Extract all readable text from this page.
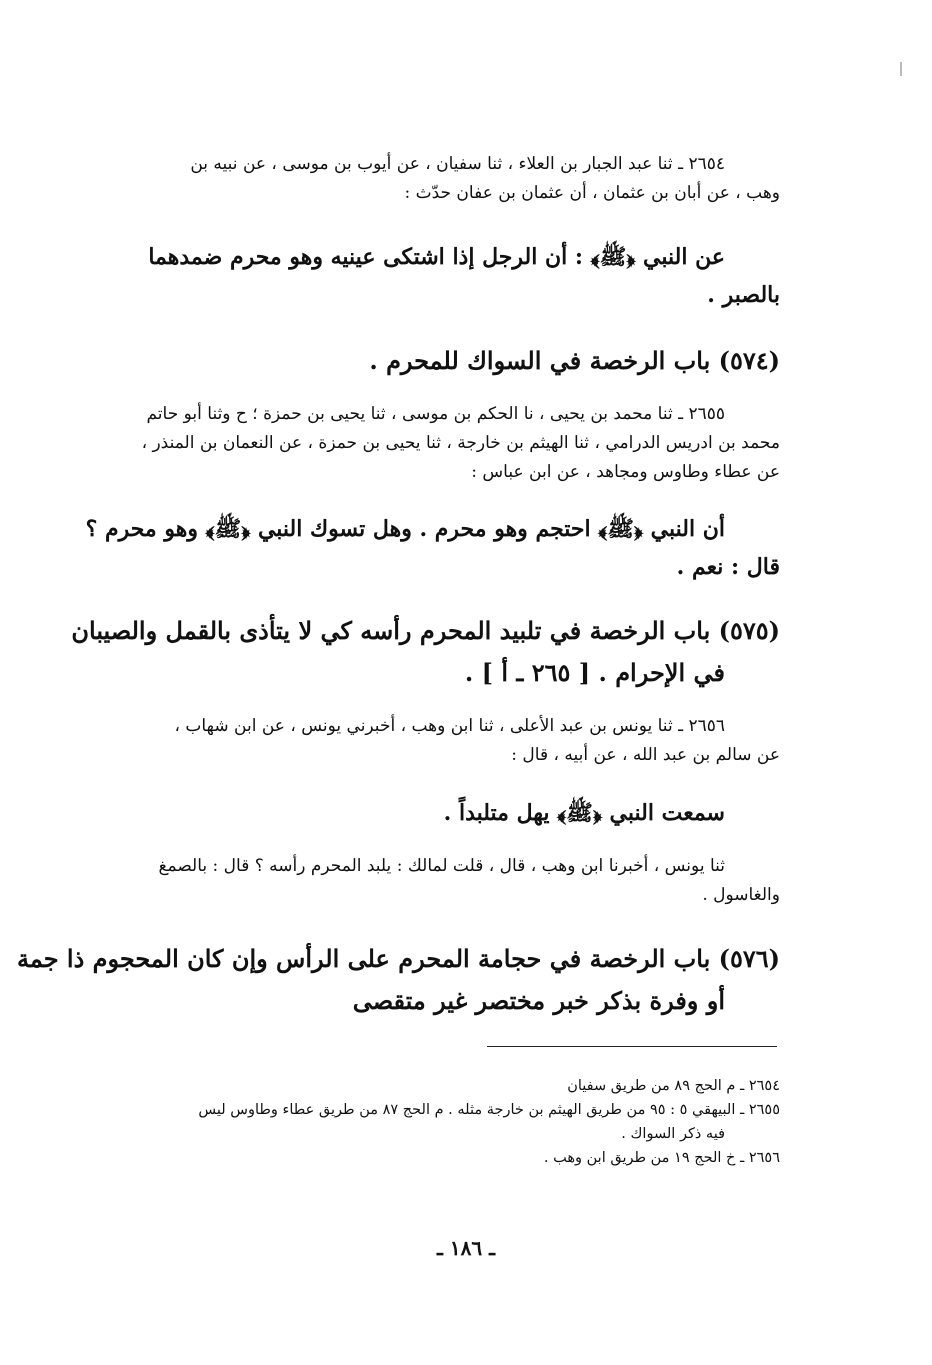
٢٦٥٤ ـ ثنا عبد الجبار بن العلاء ، ثنا سفيان ، عن أيوب بن موسى ، عن نبيه بن
وهب ، عن أبان بن عثمان ، أن عثمان بن عفان حدّث :
عن النبي ﴿ﷺ﴾ : أن الرجل إذا اشتكى عينيه وهو محرم ضمدهما
بالصبر .
(٥٧٤) باب الرخصة في السواك للمحرم .
٢٦٥٥ ـ ثنا محمد بن يحيى ، نا الحكم بن موسى ، ثنا يحيى بن حمزة ؛ ح وثنا أبو حاتم
محمد بن ادريس الدرامي ، ثنا الهيثم بن خارجة ، ثنا يحيى بن حمزة ، عن النعمان بن المنذر ،
عن عطاء وطاوس ومجاهد ، عن ابن عباس :
أن النبي ﴿ﷺ﴾ احتجم وهو محرم . وهل تسوك النبي ﴿ﷺ﴾ وهو محرم ؟
قال : نعم .
(٥٧٥) باب الرخصة في تلبيد المحرم رأسه كي لا يتأذى بالقمل والصيبان
في الإحرام . [ ٢٦٥ ـ أ ] .
٢٦٥٦ ـ ثنا يونس بن عبد الأعلى ، ثنا ابن وهب ، أخبرني يونس ، عن ابن شهاب ،
عن سالم بن عبد الله ، عن أبيه ، قال :
سمعت النبي ﴿ﷺ﴾ يهل متلبداً .
ثنا يونس ، أخبرنا ابن وهب ، قال ، قلت لمالك : يلبد المحرم رأسه ؟ قال : بالصمغ
والغاسول .
(٥٧٦) باب الرخصة في حجامة المحرم على الرأس وإن كان المحجوم ذا جمة
أو وفرة بذكر خبر مختصر غير متقصى
٢٦٥٤ ـ م الحج ٨٩ من طريق سفيان
٢٦٥٥ ـ البيهقي ٥ : ٩٥ من طريق الهيثم بن خارجة مثله . م الحج ٨٧ من طريق عطاء وطاوس ليس
فيه ذكر السواك .
٢٦٥٦ ـ خ الحج ١٩ من طريق ابن وهب .
ـ ١٨٦ ـ
